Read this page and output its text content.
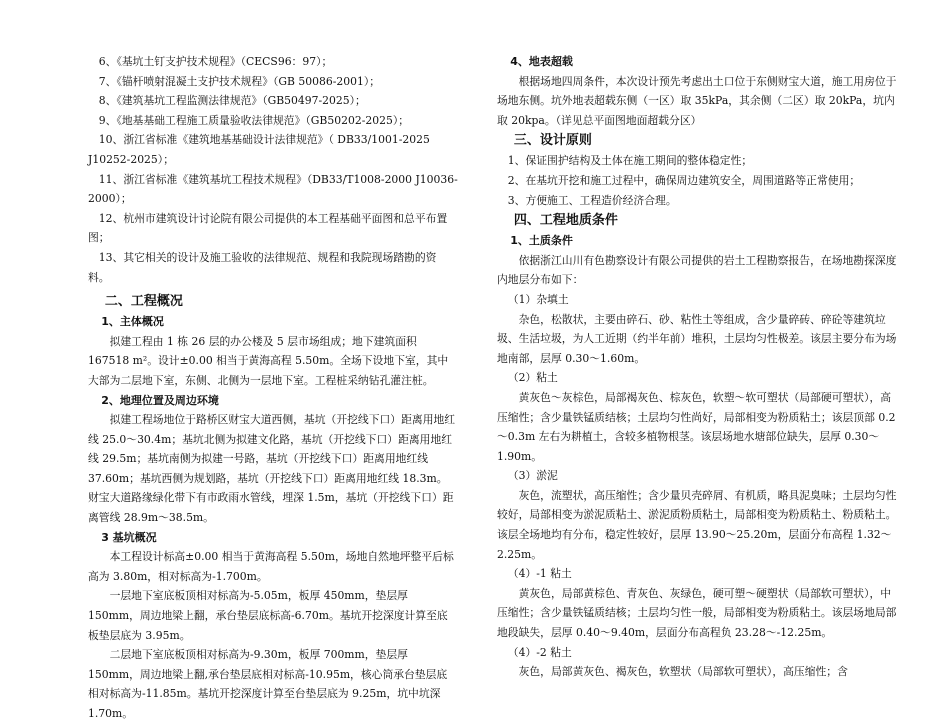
6、《基坑土钉支护技术规程》（CECS96：97）；

7、《锚杆喷射混凝土支护技术规程》（GB 50086-2001）；

8、《建筑基坑工程监测法律规范》（GB50497-2025）；

9、《地基基础工程施工质量验收法律规范》（GB50202-2025）；

10、浙江省标准《建筑地基基础设计法律规范》（ DB33/1001-2025 J10252-2025）；

11、浙江省标准《建筑基坑工程技术规程》（DB33/T1008-2000 J10036-2000）；

12、杭州市建筑设计讨论院有限公司提供的本工程基础平面图和总平布置图；

13、其它相关的设计及施工验收的法律规范、规程和我院现场踏勘的资料。

二、工程概况

1、主体概况

拟建工程由 1 栋 26 层的办公楼及 5 层市场组成；地下建筑面积 167518 m²。设计±0.00 相当于黄海高程 5.50m。全场下设地下室，其中大部为二层地下室，东侧、北侧为一层地下室。工程桩采纳钻孔灌注桩。

2、地理位置及周边环境

拟建工程场地位于路桥区财宝大道西侧，基坑（开挖线下口）距离用地红线 25.0～30.4m；基坑北侧为拟建文化路，基坑（开挖线下口）距离用地红线 29.5m；基坑南侧为拟建一号路，基坑（开挖线下口）距离用地红线 37.60m；基坑西侧为规划路，基坑（开挖线下口）距离用地红线 18.3m。财宝大道路缘绿化带下有市政雨水管线，埋深 1.5m，基坑（开挖线下口）距离管线 28.9m～38.5m。

3 基坑概况

本工程设计标高±0.00 相当于黄海高程 5.50m，场地自然地坪整平后标高为 3.80m，相对标高为-1.700m。

一层地下室底板顶相对标高为-5.05m，板厚 450mm，垫层厚 150mm，周边地梁上翻，承台垫层底标高-6.70m。基坑开挖深度计算至底板垫层底为 3.95m。

二层地下室底板顶相对标高为-9.30m，板厚 700mm，垫层厚 150mm，周边地梁上翻,承台垫层底相对标高-10.95m，核心筒承台垫层底相对标高为-11.85m。基坑开挖深度计算至台垫层底为 9.25m，坑中坑深 1.70m。

4、地表超载

根据场地四周条件，本次设计预先考虑出土口位于东侧财宝大道，施工用房位于场地东侧。坑外地表超载东侧（一区）取 35kPa，其余侧（二区）取 20kPa，坑内取 20kpa。（详见总平面图地面超载分区）

三、设计原则

1、保证围护结构及土体在施工期间的整体稳定性；

2、在基坑开挖和施工过程中，确保周边建筑安全，周围道路等正常使用；

3、方便施工、工程造价经济合理。

四、工程地质条件

1、土质条件

依据浙江山川有色勘察设计有限公司提供的岩土工程勘察报告，在场地勘探深度内地层分布如下：

（1）杂填土

杂色，松散状，主要由碎石、砂、粘性土等组成，含少量碎砖、碎砼等建筑垃圾、生活垃圾，为人工近期（约半年前）堆积，土层均匀性极差。该层主要分布为场地南部，层厚 0.30～1.60m。

（2）粘土

黄灰色～灰棕色，局部褐灰色、棕灰色，软塑～软可塑状（局部硬可塑状），高压缩性；含少量铁锰质结核；土层均匀性尚好，局部相变为粉质粘土；该层顶部 0.2～0.3m 左右为耕植土，含较多植物根茎。该层场地水塘部位缺失，层厚 0.30～1.90m。

（3）淤泥

灰色，流塑状，高压缩性；含少量贝壳碎屑、有机质，略具泥臭味；土层均匀性较好，局部相变为淤泥质粘土、淤泥质粉质粘土，局部相变为粉质粘土、粉质粘土。该层全场地均有分布，稳定性较好，层厚 13.90～25.20m，层面分布高程 1.32～2.25m。

（4）-1 粘土

黄灰色，局部黄棕色、青灰色、灰绿色，硬可塑～硬塑状（局部软可塑状），中压缩性；含少量铁锰质结核；土层均匀性一般，局部相变为粉质粘土。该层场地局部地段缺失，层厚 0.40～9.40m，层面分布高程负 23.28～-12.25m。

（4）-2 粘土

灰色，局部黄灰色、褐灰色，软塑状（局部软可塑状），高压缩性；含
